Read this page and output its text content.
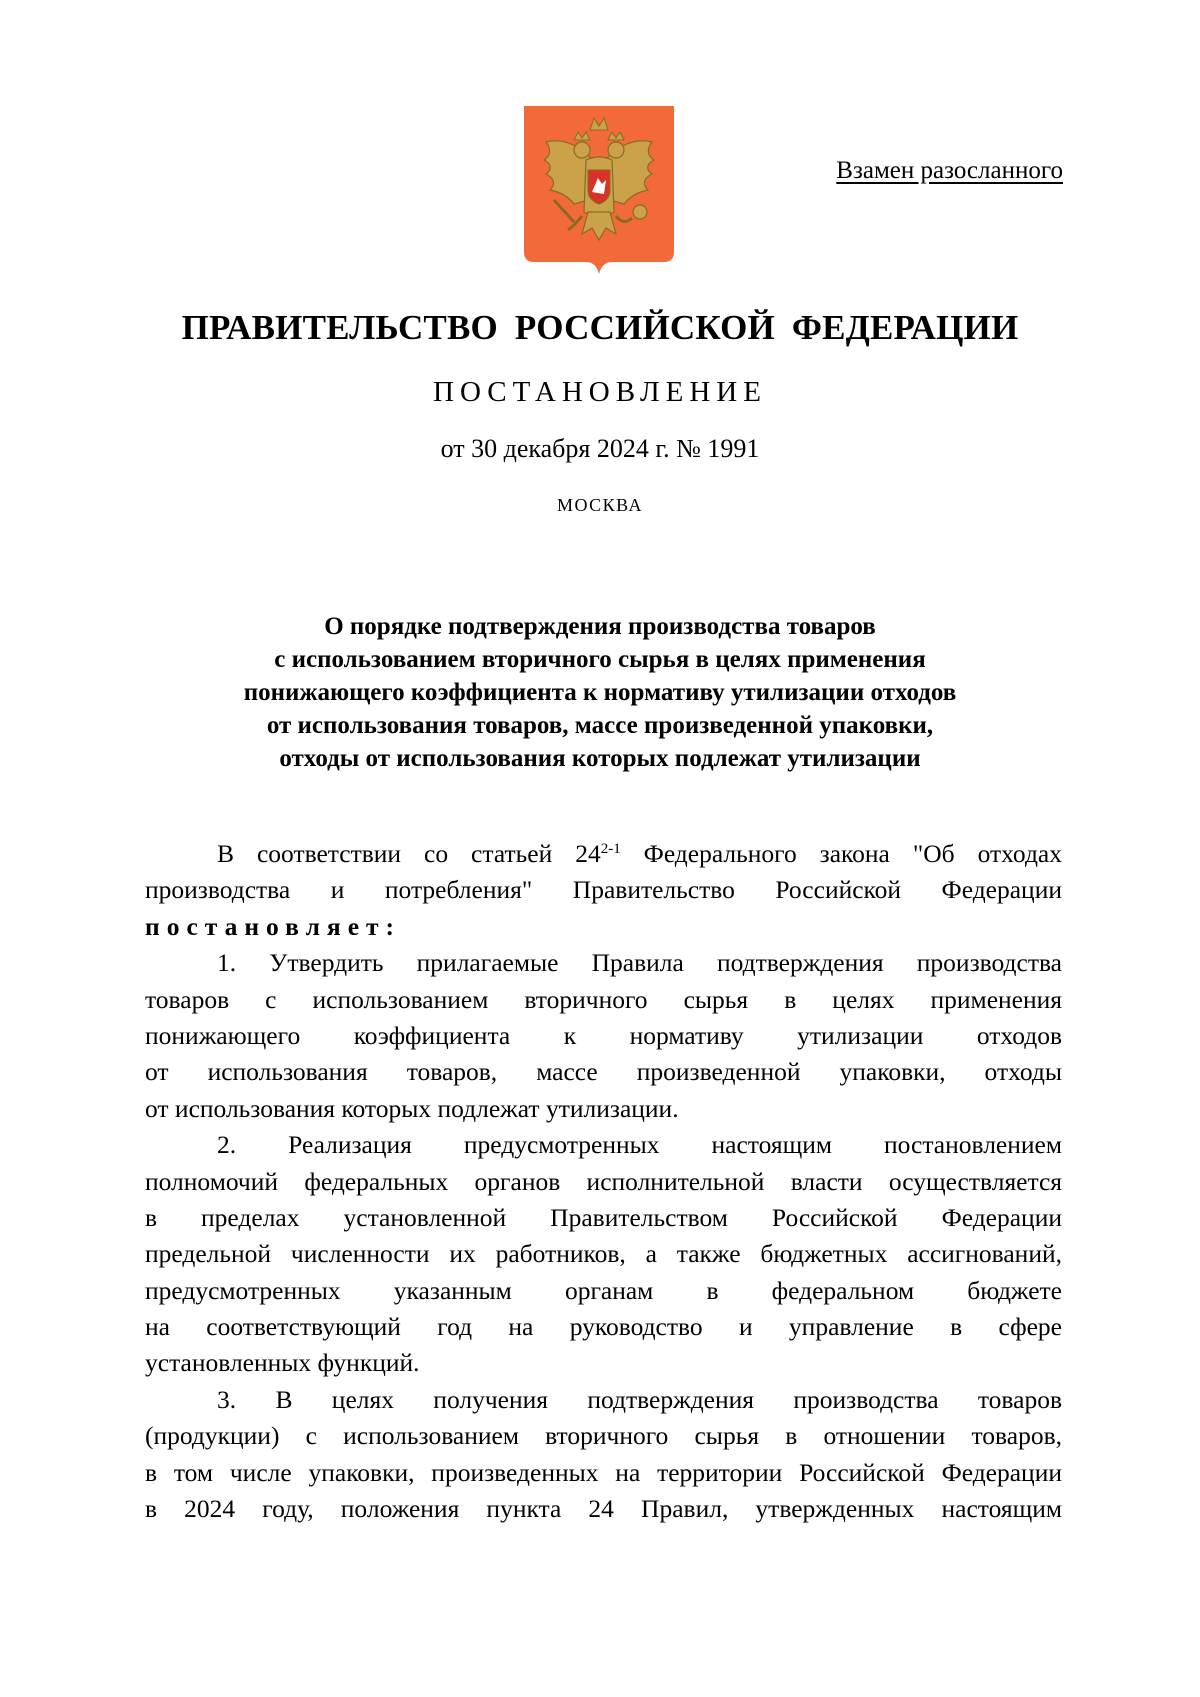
Взамен разосланного
ПРАВИТЕЛЬСТВО РОССИЙСКОЙ ФЕДЕРАЦИИ
ПОСТАНОВЛЕНИЕ
от 30 декабря 2024 г. № 1991
МОСКВА
О порядке подтверждения производства товаров
с использованием вторичного сырья в целях применения
понижающего коэффициента к нормативу утилизации отходов
от использования товаров, массе произведенной упаковки,
отходы от использования которых подлежат утилизации
В соответствии со статьей 24$^{2-1}$ Федерального закона "Об отходах
производства и потребления" Правительство Российской Федерации
постановляет:
1. Утвердить прилагаемые Правила подтверждения производства
товаров с использованием вторичного сырья в целях применения
понижающего коэффициента к нормативу утилизации отходов
от использования товаров, массе произведенной упаковки, отходы
от использования которых подлежат утилизации.
2. Реализация предусмотренных настоящим постановлением
полномочий федеральных органов исполнительной власти осуществляется
в пределах установленной Правительством Российской Федерации
предельной численности их работников, а также бюджетных ассигнований,
предусмотренных указанным органам в федеральном бюджете
на соответствующий год на руководство и управление в сфере
установленных функций.
3. В целях получения подтверждения производства товаров
(продукции) с использованием вторичного сырья в отношении товаров,
в том числе упаковки, произведенных на территории Российской Федерации
в 2024 году, положения пункта 24 Правил, утвержденных настоящим
